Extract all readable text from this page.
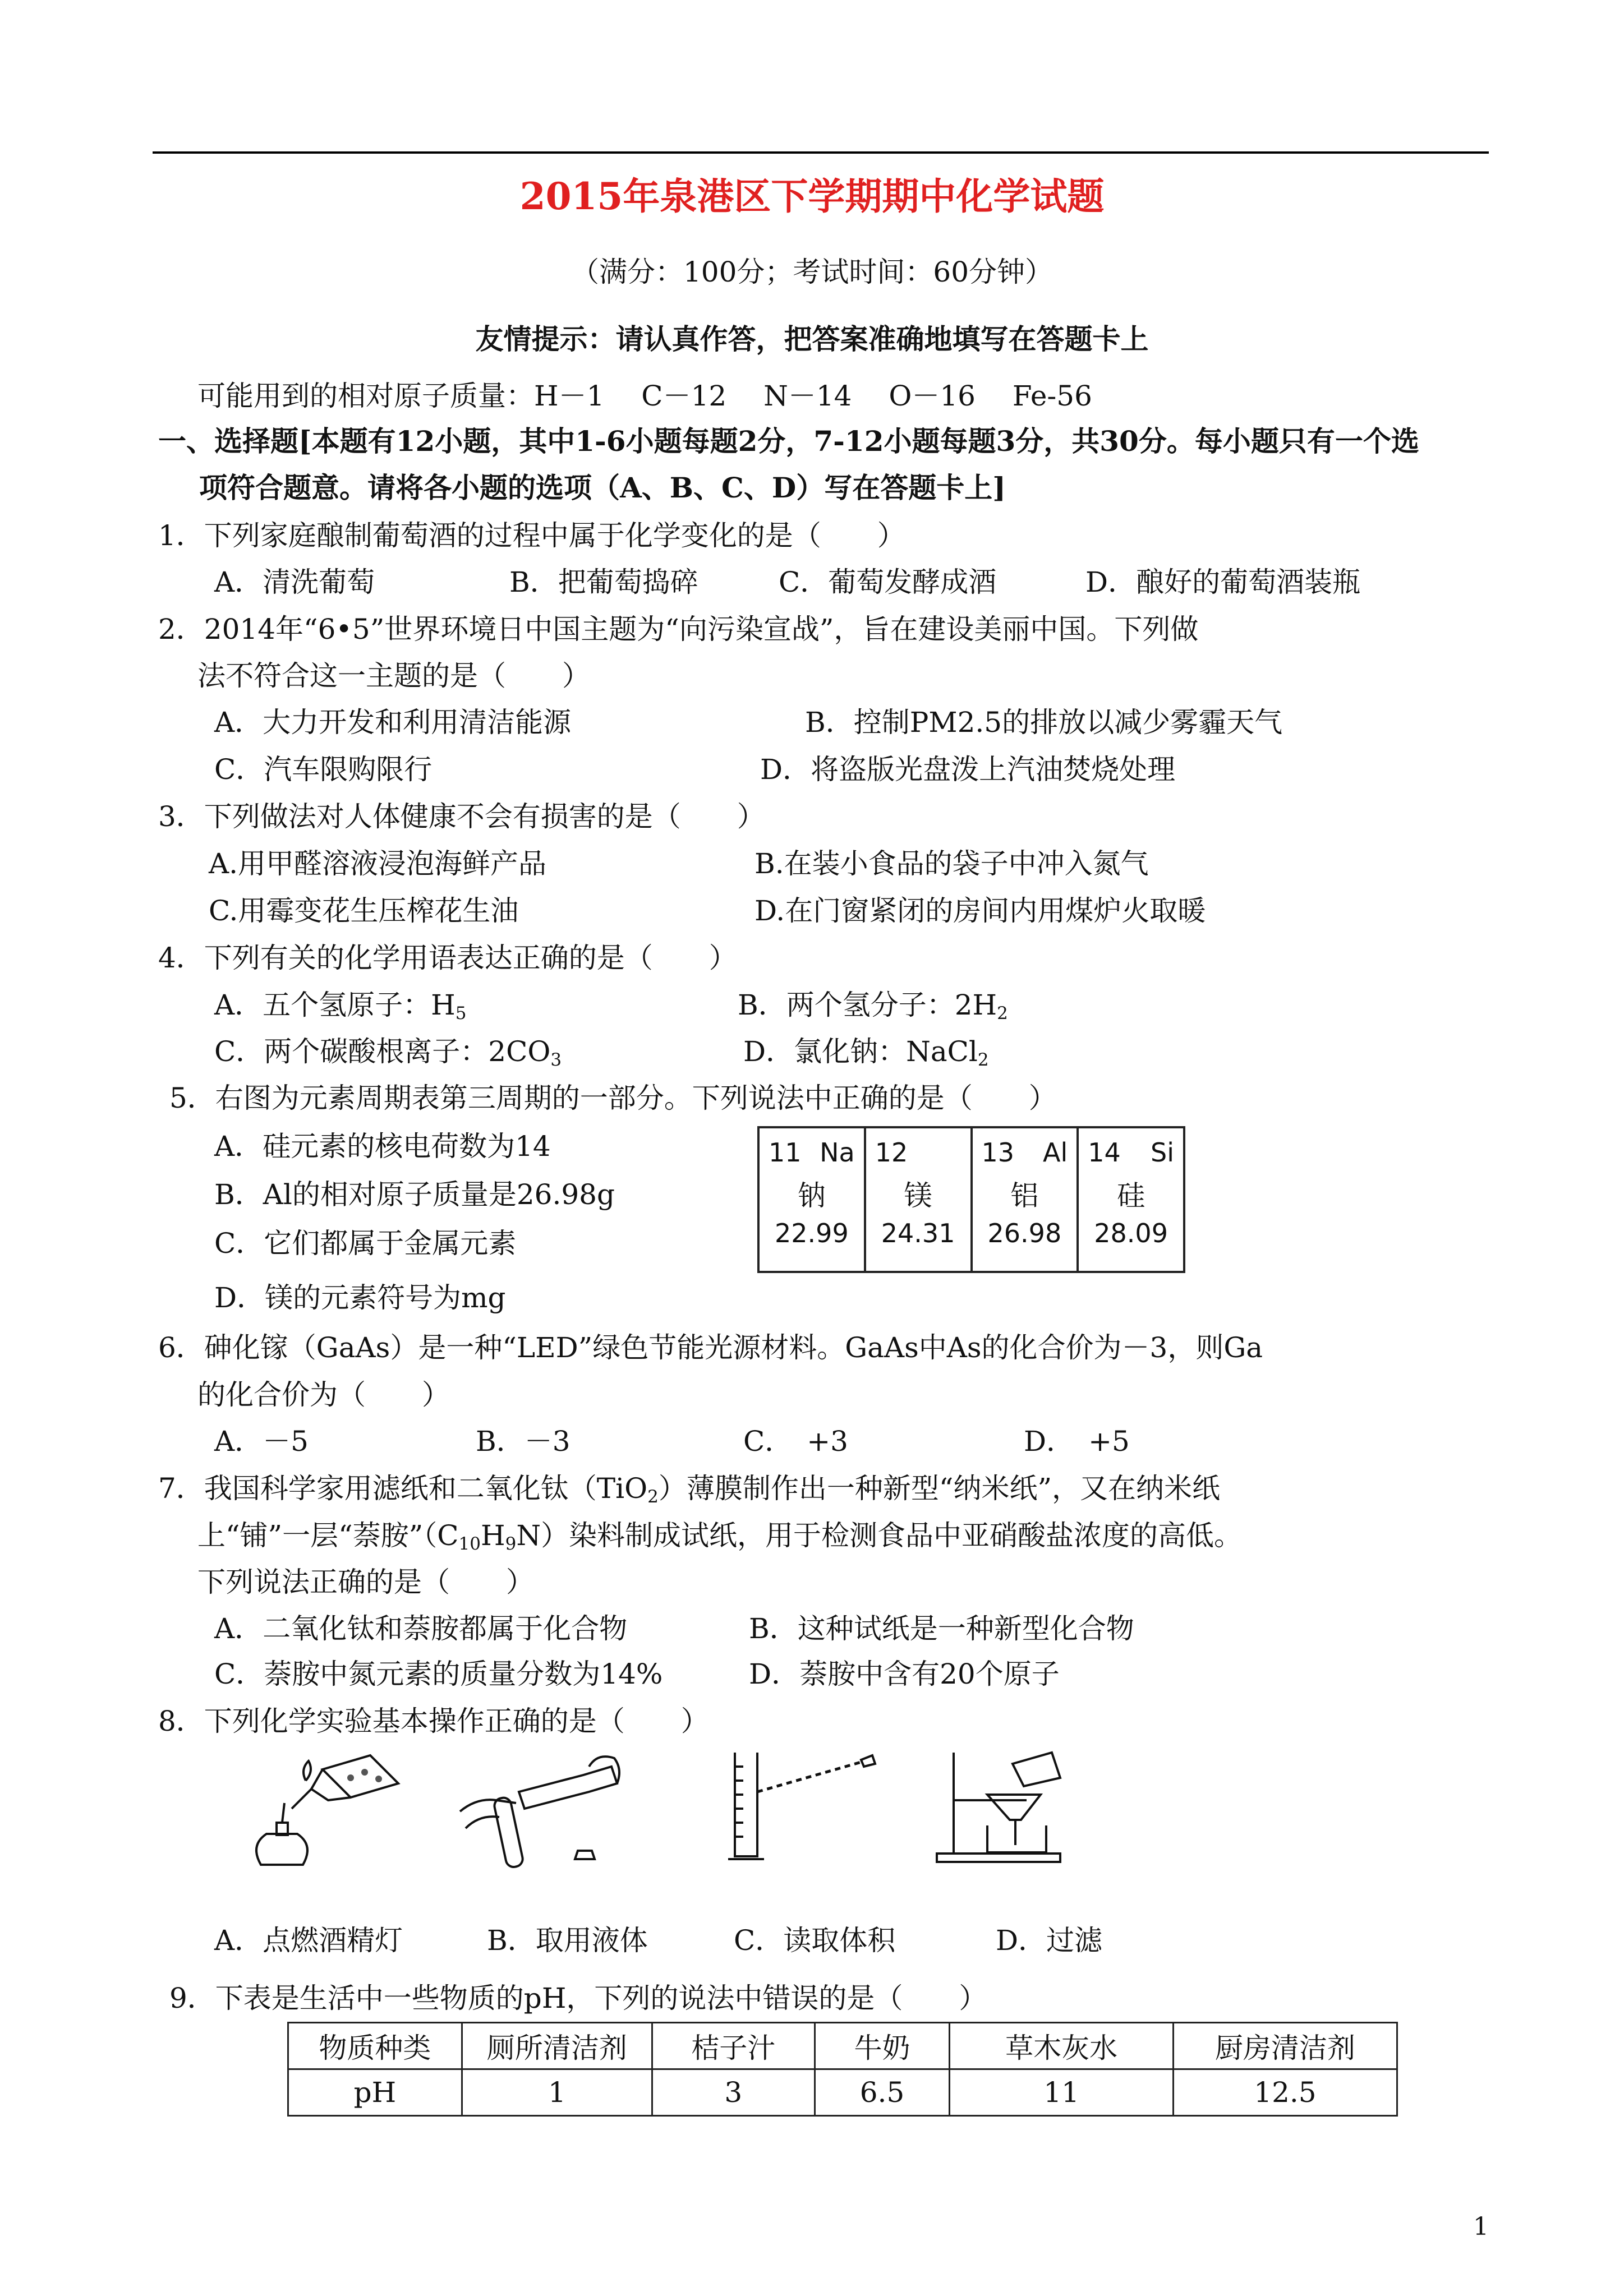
2015年泉港区下学期期中化学试题
（满分：100分；考试时间：60分钟）
友情提示：请认真作答，把答案准确地填写在答题卡上
可能用到的相对原子质量：H－1　 C－12　 N－14　 O－16　 Fe-56
一、选择题[本题有12小题，其中1-6小题每题2分，7-12小题每题3分，共30分。每小题只有一个选
项符合题意。请将各小题的选项（A、B、C、D）写在答题卡上]
1．下列家庭酿制葡萄酒的过程中属于化学变化的是（　　）
A．清洗葡萄	B．把葡萄捣碎	C．葡萄发酵成酒	D．酿好的葡萄酒装瓶
2．2014年“6•5”世界环境日中国主题为“向污染宣战”，旨在建设美丽中国。下列做
法不符合这一主题的是（　　）
A．大力开发和利用清洁能源	B．控制PM2.5的排放以减少雾霾天气
C．汽车限购限行	D．将盗版光盘泼上汽油焚烧处理
3．下列做法对人体健康不会有损害的是（　　）
A.用甲醛溶液浸泡海鲜产品	B.在装小食品的袋子中冲入氮气
C.用霉变花生压榨花生油	D.在门窗紧闭的房间内用煤炉火取暖
4．下列有关的化学用语表达正确的是（　　）
A．五个氢原子：$H_5$	B．两个氢分子：$2H_2$
C．两个碳酸根离子：$2CO_3$	D．氯化钠：NaCl$_2$
5．右图为元素周期表第三周期的一部分。下列说法中正确的是（　　）
A．硅元素的核电荷数为14
B．Al的相对原子质量是26.98g
C．它们都属于金属元素
D．镁的元素符号为mg
11 Na
钠
22.99
12
镁
24.31
13 Al
铝
26.98
14 Si
硅
28.09
6．砷化镓（GaAs）是一种“LED”绿色节能光源材料。GaAs中As的化合价为－3，则Ga
的化合价为（　　）
A．－5	B．－3	C．　+3	D．　+5
7．我国科学家用滤纸和二氧化钛（TiO$_2$）薄膜制作出一种新型“纳米纸”，又在纳米纸
上“铺”一层“萘胺$”(C_{10}H_9N)$染料制成试纸，用于检测食品中亚硝酸盐浓度的高低。
下列说法正确的是（　　）
A．二氧化钛和萘胺都属于化合物	B．这种试纸是一种新型化合物
C．萘胺中氮元素的质量分数为14%	D．萘胺中含有20个原子
8．下列化学实验基本操作正确的是（　　）
A．点燃酒精灯	B．取用液体	C．读取体积	D．过滤
9．下表是生活中一些物质的pH，下列的说法中错误的是（　　）
物质种类	厕所清洁剂	桔子汁	牛奶	草木灰水	厨房清洁剂
pH	1	3	6.5	11	12.5
1
